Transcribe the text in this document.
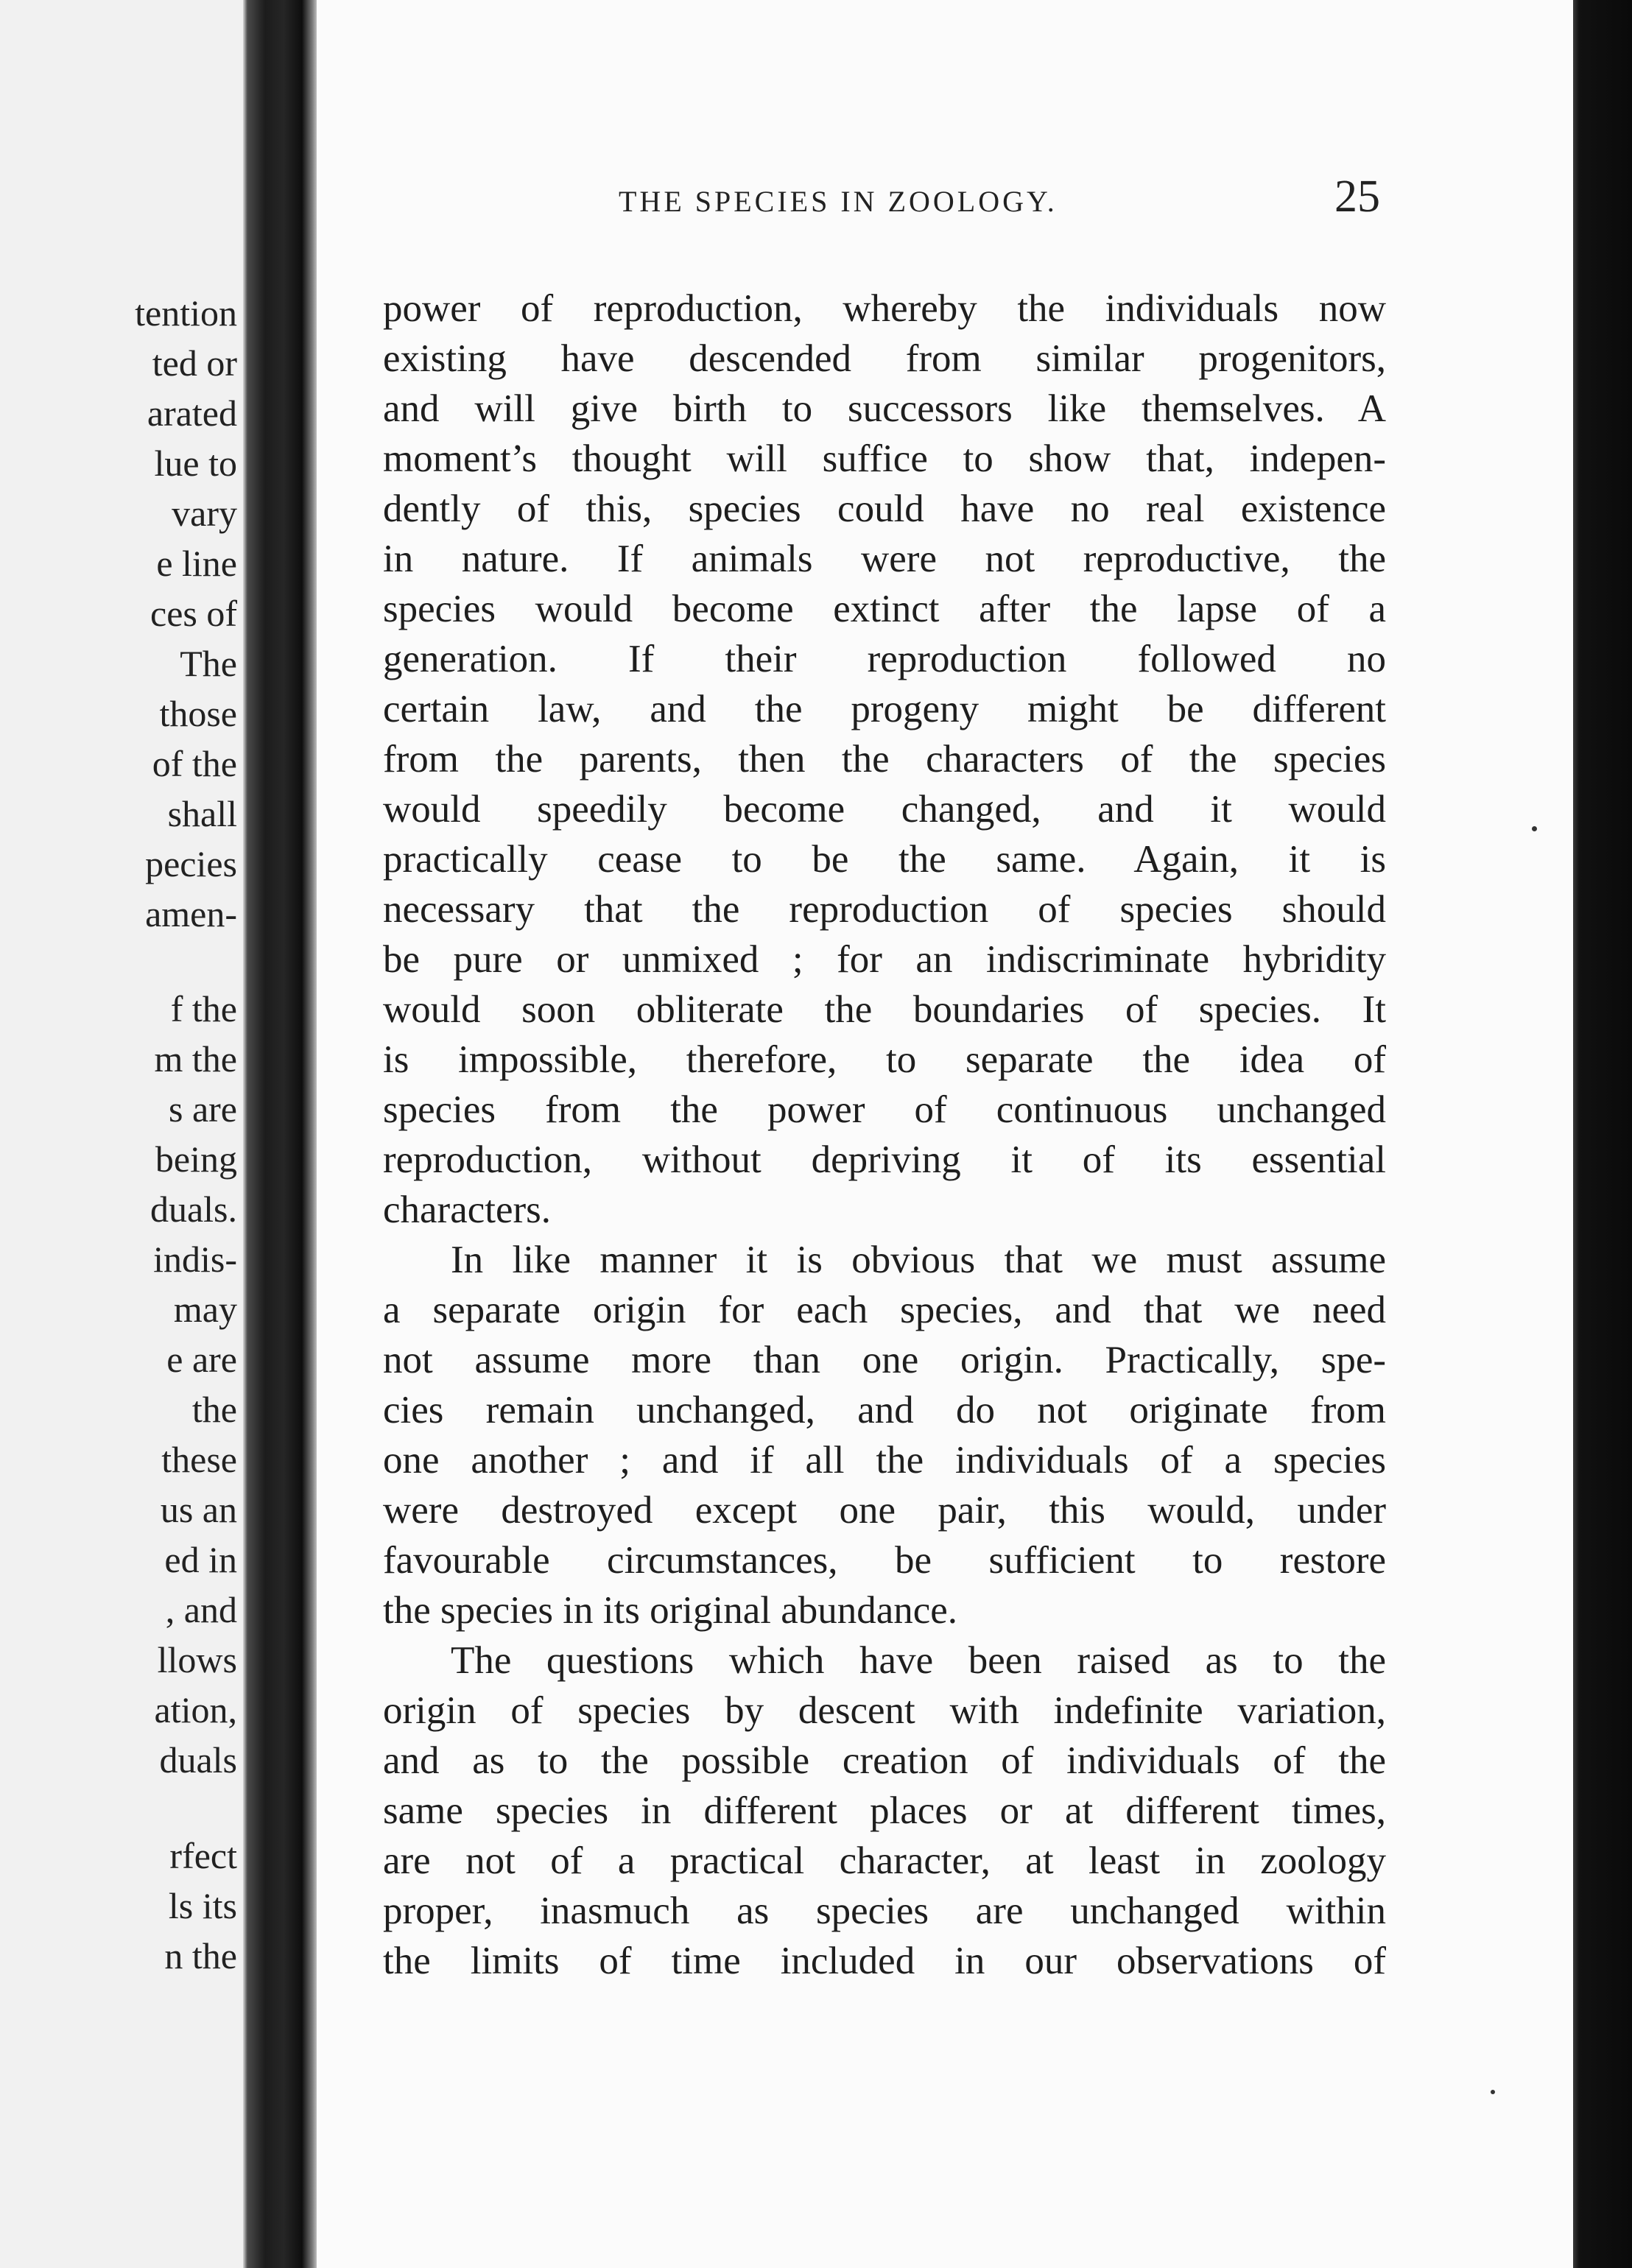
tention

ted or

arated

lue to

vary

e line

ces of

The

those

of the

shall

pecies

amen-

f the

m the

s are

being

duals.

indis-

may

e are

the

these

us an

ed in

, and

llows

ation,

duals

rfect

ls its

n the

THE SPECIES IN ZOOLOGY.	25

power of reproduction, whereby the individuals now

existing have descended from similar progenitors,

and will give birth to successors like themselves. A

moment’s thought will suffice to show that, indepen-

dently of this, species could have no real existence

in nature. If animals were not reproductive, the

species would become extinct after the lapse of a

generation. If their reproduction followed no

certain law, and the progeny might be different

from the parents, then the characters of the species

would speedily become changed, and it would

practically cease to be the same. Again, it is

necessary that the reproduction of species should

be pure or unmixed ; for an indiscriminate hybridity

would soon obliterate the boundaries of species. It

is impossible, therefore, to separate the idea of

species from the power of continuous unchanged

reproduction, without depriving it of its essential

characters.

In like manner it is obvious that we must assume

a separate origin for each species, and that we need

not assume more than one origin. Practically, spe-

cies remain unchanged, and do not originate from

one another ; and if all the individuals of a species

were destroyed except one pair, this would, under

favourable circumstances, be sufficient to restore

the species in its original abundance.

The questions which have been raised as to the

origin of species by descent with indefinite variation,

and as to the possible creation of individuals of the

same species in different places or at different times,

are not of a practical character, at least in zoology

proper, inasmuch as species are unchanged within

the limits of time included in our observations of
